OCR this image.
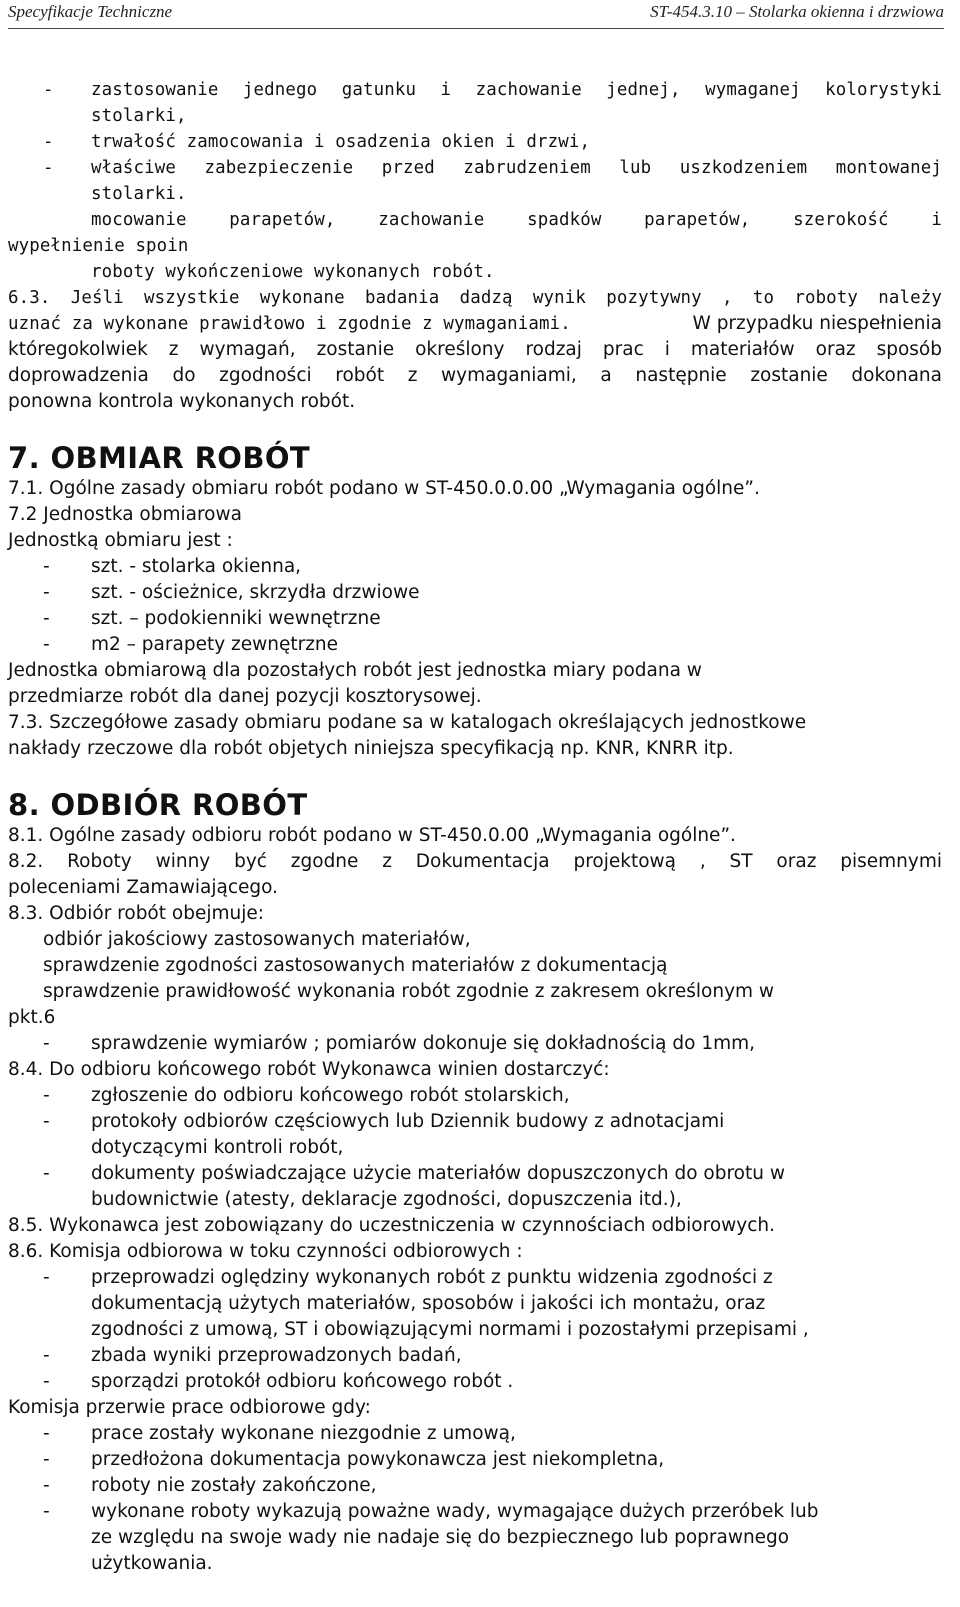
Specyfikacje Techniczne	ST-454.3.10 – Stolarka okienna i drzwiowa
- zastosowanie jednego gatunku i zachowanie jednej, wymaganej kolorystyki
stolarki,
- trwałość zamocowania i osadzenia okien i drzwi,
- właściwe zabezpieczenie przed zabrudzeniem lub uszkodzeniem montowanej
stolarki.
mocowanie parapetów, zachowanie spadków parapetów, szerokość i
wypełnienie spoin
roboty wykończeniowe wykonanych robót.
6.3. Jeśli wszystkie wykonane badania dadzą wynik pozytywny , to roboty należy
uznać za wykonane prawidłowo i zgodnie z wymaganiami.	W przypadku niespełnienia
któregokolwiek z wymagań, zostanie określony rodzaj prac i materiałów oraz sposób
doprowadzenia do zgodności robót z wymaganiami, a następnie zostanie dokonana
ponowna kontrola wykonanych robót.
7. OBMIAR ROBÓT
7.1. Ogólne zasady obmiaru robót podano w ST-450.0.0.00 „Wymagania ogólne”.
7.2 Jednostka obmiarowa
Jednostką obmiaru jest :
- szt. - stolarka okienna,
- szt. - ościeżnice, skrzydła drzwiowe
- szt. – podokienniki wewnętrzne
- m2 – parapety zewnętrzne
Jednostka obmiarową dla pozostałych robót jest jednostka miary podana w
przedmiarze robót dla danej pozycji kosztorysowej.
7.3. Szczegółowe zasady obmiaru podane sa w katalogach określających jednostkowe
nakłady rzeczowe dla robót objetych niniejsza specyfikacją np. KNR, KNRR itp.
8. ODBIÓR ROBÓT
8.1. Ogólne zasady odbioru robót podano w ST-450.0.00 „Wymagania ogólne”.
8.2. Roboty winny być zgodne z Dokumentacja projektową , ST oraz pisemnymi
poleceniami Zamawiającego.
8.3. Odbiór robót obejmuje:
odbiór jakościowy zastosowanych materiałów,
sprawdzenie zgodności zastosowanych materiałów z dokumentacją
sprawdzenie prawidłowość wykonania robót zgodnie z zakresem określonym w
pkt.6
- sprawdzenie wymiarów ; pomiarów dokonuje się dokładnością do 1mm,
8.4. Do odbioru końcowego robót Wykonawca winien dostarczyć:
- zgłoszenie do odbioru końcowego robót stolarskich,
- protokoły odbiorów częściowych lub Dziennik budowy z adnotacjami
dotyczącymi kontroli robót,
- dokumenty poświadczające użycie materiałów dopuszczonych do obrotu w
budownictwie (atesty, deklaracje zgodności, dopuszczenia itd.),
8.5. Wykonawca jest zobowiązany do uczestniczenia w czynnościach odbiorowych.
8.6. Komisja odbiorowa w toku czynności odbiorowych :
- przeprowadzi oględziny wykonanych robót z punktu widzenia zgodności z
dokumentacją użytych materiałów, sposobów i jakości ich montażu, oraz
zgodności z umową, ST i obowiązującymi normami i pozostałymi przepisami ,
- zbada wyniki przeprowadzonych badań,
- sporządzi protokół odbioru końcowego robót .
Komisja przerwie prace odbiorowe gdy:
- prace zostały wykonane niezgodnie z umową,
- przedłożona dokumentacja powykonawcza jest niekompletna,
- roboty nie zostały zakończone,
- wykonane roboty wykazują poważne wady, wymagające dużych przeróbek lub
ze względu na swoje wady nie nadaje się do bezpiecznego lub poprawnego
użytkowania.
